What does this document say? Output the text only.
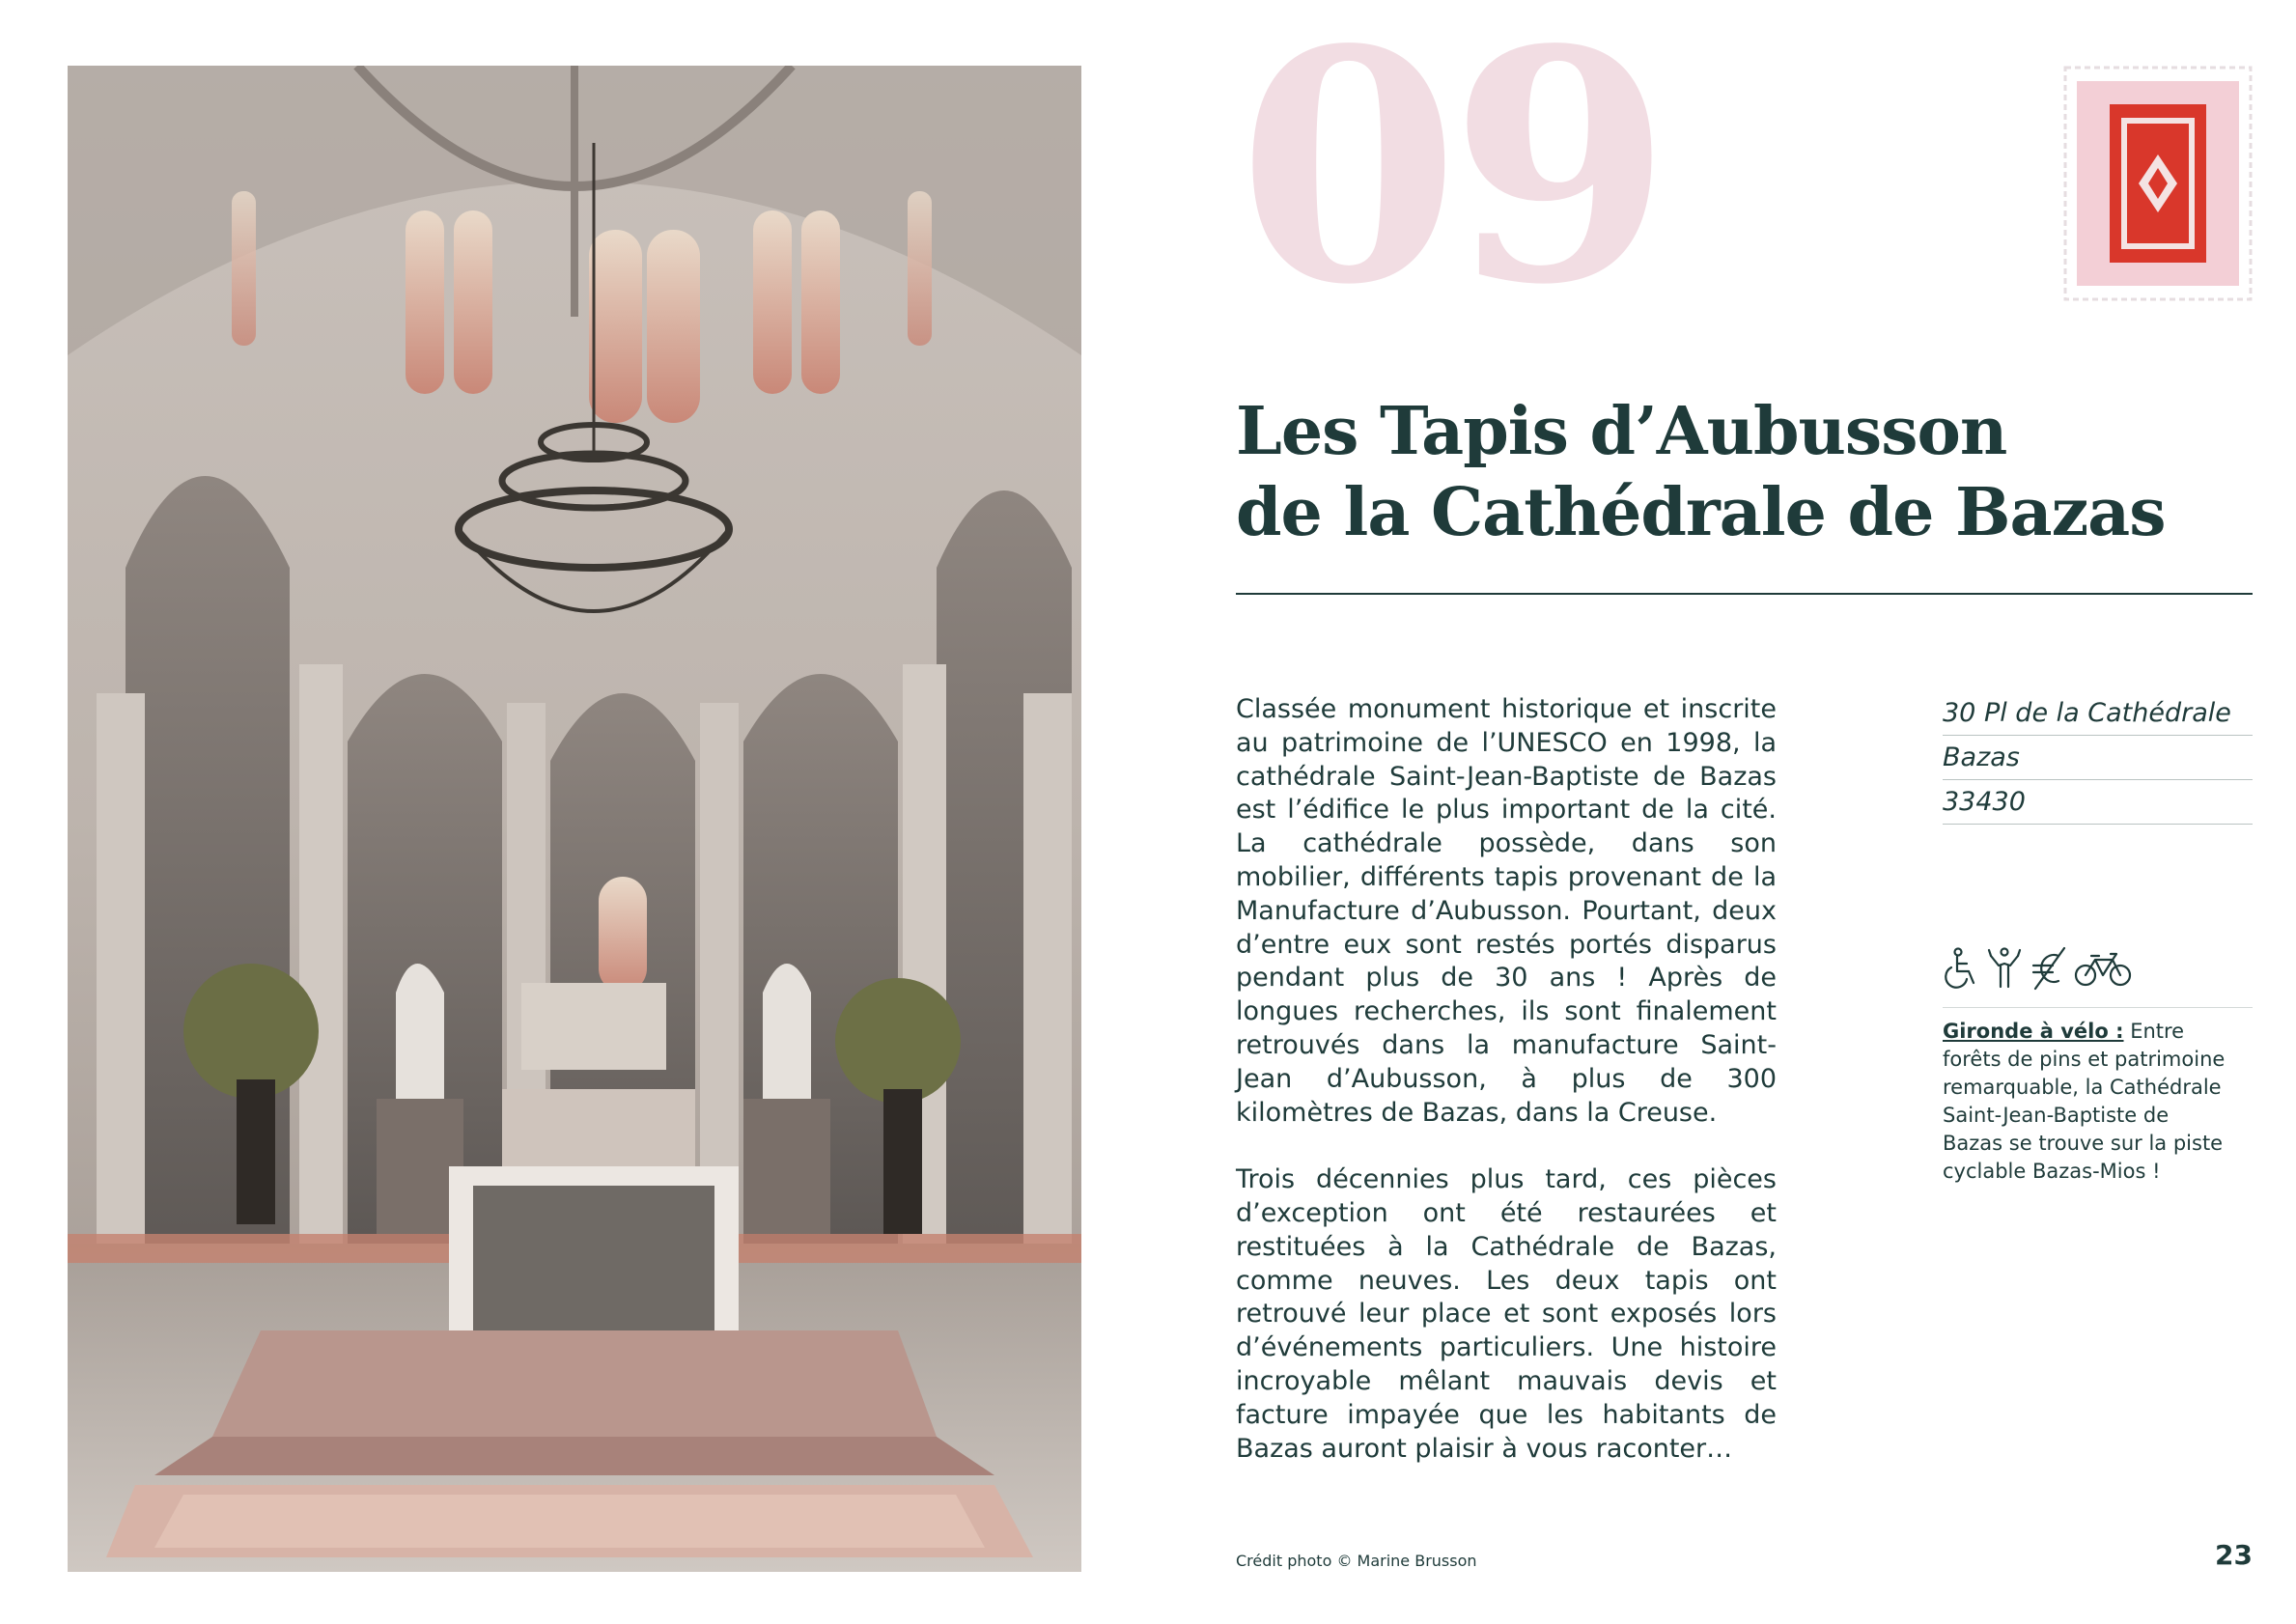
09
Les Tapis d’Aubusson
de la Cathédrale de Bazas

Classée monument historique et inscrite au patrimoine de l’UNESCO en 1998, la cathédrale Saint-Jean-Baptiste de Bazas est l’édifice le plus important de la cité. La cathédrale possède, dans son mobilier, différents tapis provenant de la Manufacture d’Aubusson. Pourtant, deux d’entre eux sont restés portés disparus pendant plus de 30 ans ! Après de longues recherches, ils sont finalement retrouvés dans la manufacture Saint-Jean d’Aubusson, à plus de 300 kilomètres de Bazas, dans la Creuse.

Trois décennies plus tard, ces pièces d’exception ont été restaurées et restituées à la Cathédrale de Bazas, comme neuves. Les deux tapis ont retrouvé leur place et sont exposés lors d’événements particuliers. Une histoire incroyable mêlant mauvais devis et facture impayée que les habitants de Bazas auront plaisir à vous raconter…

30 Pl de la Cathédrale
Bazas
33430
Gironde à vélo : Entre forêts de pins et patrimoine remarquable, la Cathédrale Saint-Jean-Baptiste de Bazas se trouve sur la piste cyclable Bazas-Mios !
Crédit photo © Marine Brusson	23
